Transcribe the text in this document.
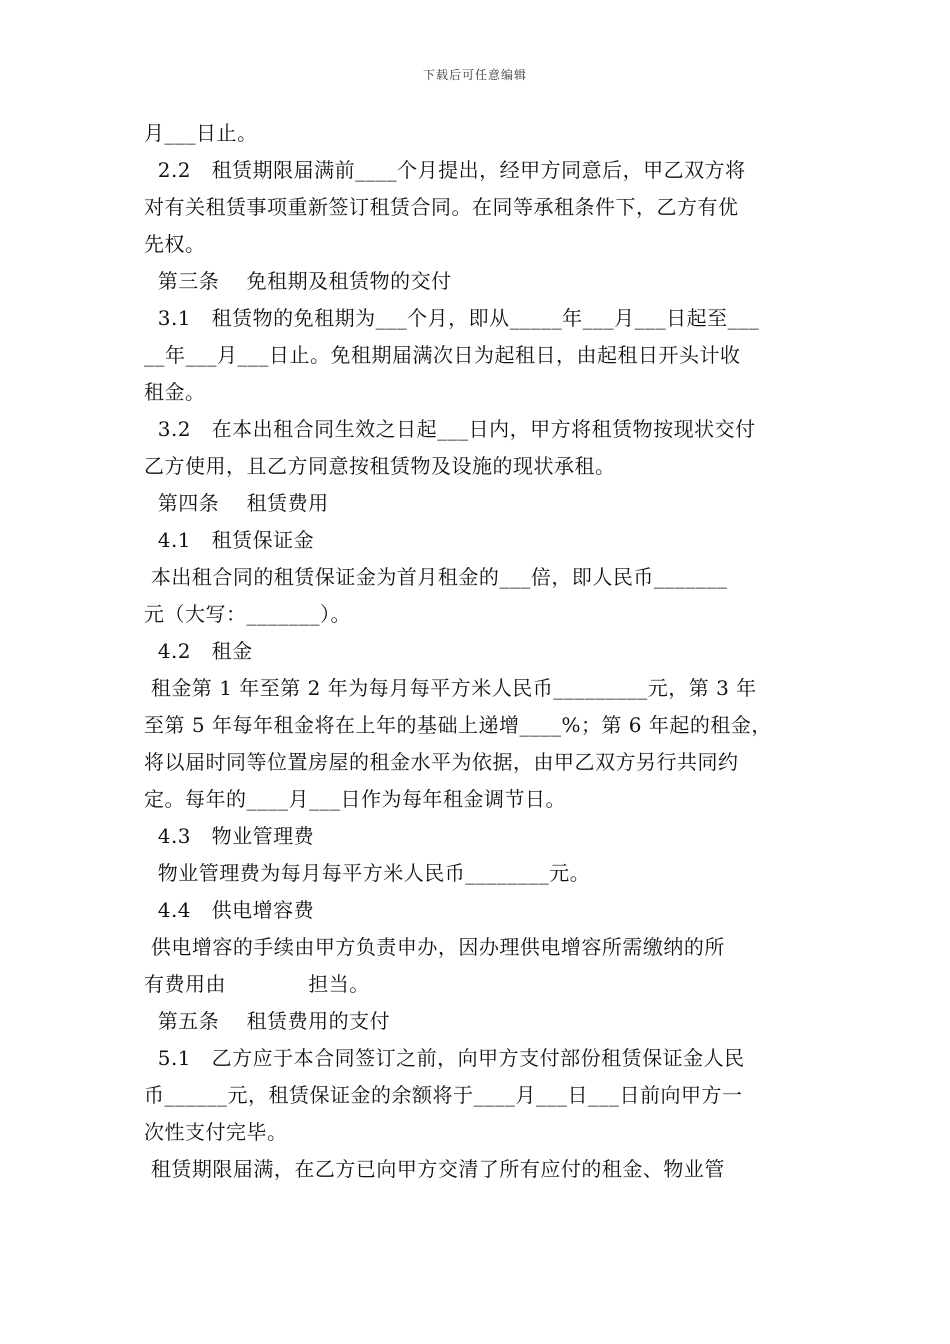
下载后可任意编辑
月___日止。
2.2   租赁期限届满前____个月提出，经甲方同意后，甲乙双方将
对有关租赁事项重新签订租赁合同。在同等承租条件下，乙方有优
先权。
第三条    免租期及租赁物的交付
3.1   租赁物的免租期为___个月，即从_____年___月___日起至___
__年___月___日止。免租期届满次日为起租日，由起租日开头计收
租金。
3.2   在本出租合同生效之日起___日内，甲方将租赁物按现状交付
乙方使用，且乙方同意按租赁物及设施的现状承租。
第四条    租赁费用
4.1   租赁保证金
本出租合同的租赁保证金为首月租金的___倍，即人民币_______
元（大写：_______）。
4.2   租金
租金第 1 年至第 2 年为每月每平方米人民币_________元，第 3 年
至第 5 年每年租金将在上年的基础上递增____%；第 6 年起的租金，
将以届时同等位置房屋的租金水平为依据，由甲乙双方另行共同约
定。每年的____月___日作为每年租金调节日。
4.3   物业管理费
物业管理费为每月每平方米人民币________元。
4.4   供电增容费
供电增容的手续由甲方负责申办，因办理供电增容所需缴纳的所
有费用由            担当。
第五条    租赁费用的支付
5.1   乙方应于本合同签订之前，向甲方支付部份租赁保证金人民
币______元，租赁保证金的余额将于____月___日___日前向甲方一
次性支付完毕。
租赁期限届满，在乙方已向甲方交清了所有应付的租金、物业管
